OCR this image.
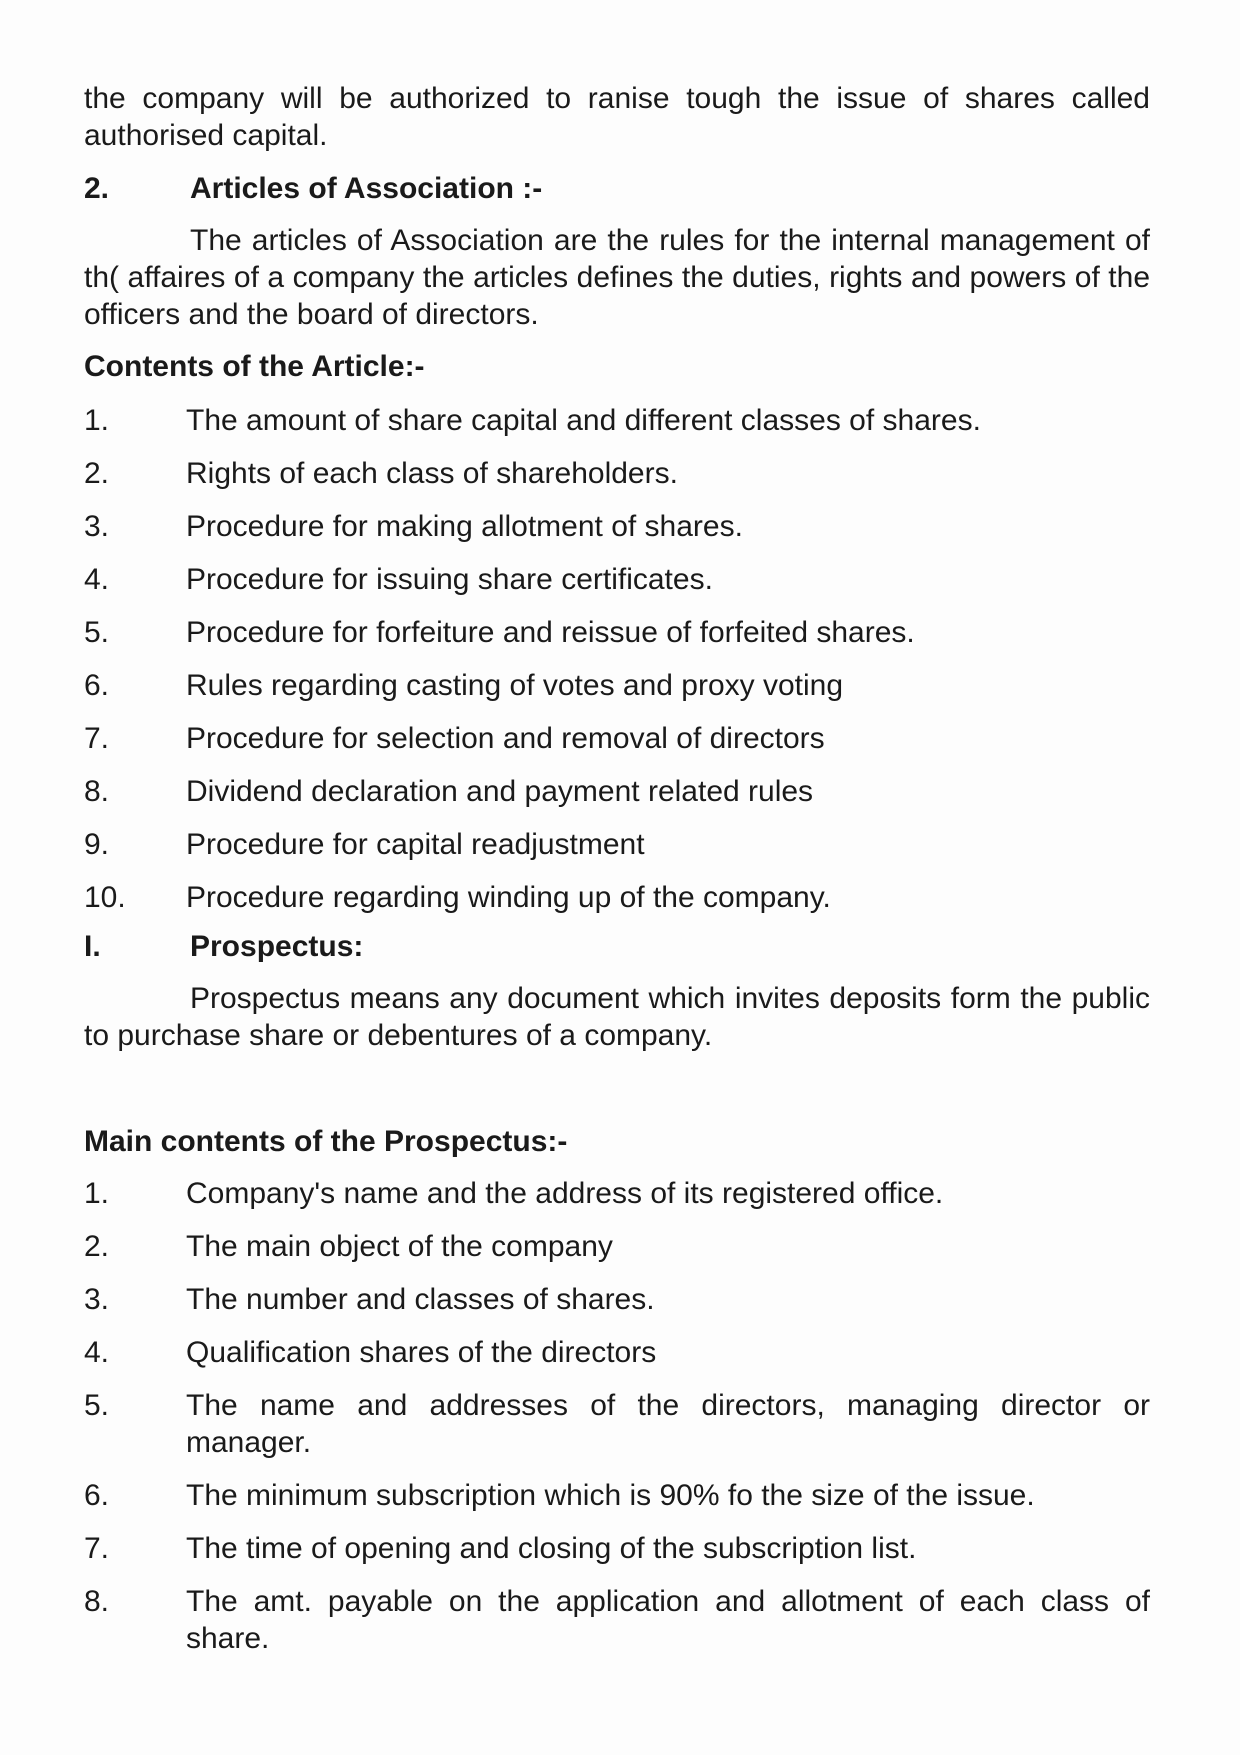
the company will be authorized to ranise tough the issue of shares called authorised capital.

2.	Articles of Association :-

The articles of Association are the rules for the internal management of th( affaires of a company the articles defines the duties, rights and powers of the officers and the board of directors.

Contents of the Article:-

1.	The amount of share capital and different classes of shares.
2.	Rights of each class of shareholders.
3.	Procedure for making allotment of shares.
4.	Procedure for issuing share certificates.
5.	Procedure for forfeiture and reissue of forfeited shares.
6.	Rules regarding casting of votes and proxy voting
7.	Procedure for selection and removal of directors
8.	Dividend declaration and payment related rules
9.	Procedure for capital readjustment
10.	Procedure regarding winding up of the company.
I.	Prospectus:

Prospectus means any document which invites deposits form the public to purchase share or debentures of a company.

Main contents of the Prospectus:-

1.	Company's name and the address of its registered office.
2.	The main object of the company
3.	The number and classes of shares.
4.	Qualification shares of the directors
5.	The name and addresses of the directors, managing director or manager.
6.	The minimum subscription which is 90% fo the size of the issue.
7.	The time of opening and closing of the subscription list.
8.	The amt. payable on the application and allotment of each class of share.
